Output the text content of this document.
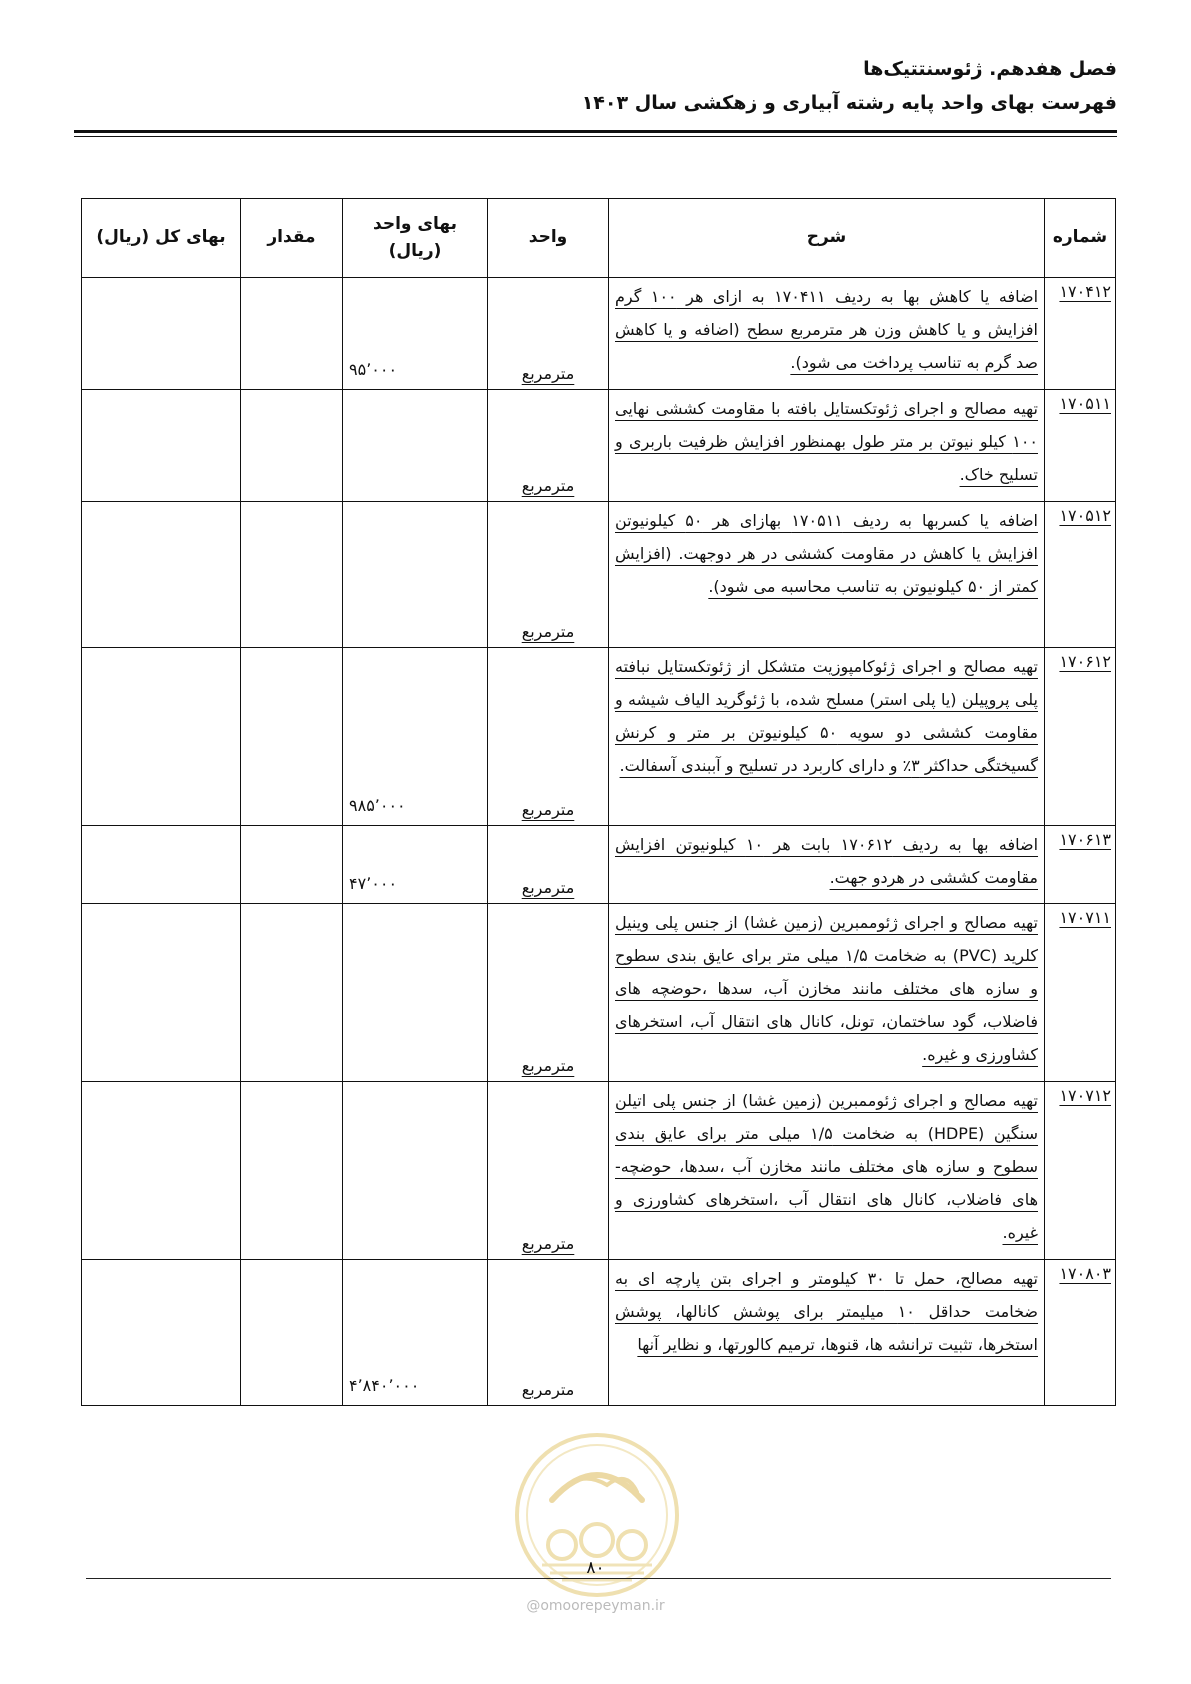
فصل هفدهم. ژئوسنتتیک‌ها
فهرست بهای واحد پایه رشته آبیاری و زهکشی سال ۱۴۰۳
شماره	شرح	واحد	بهای واحد (ریال)	مقدار	بهای کل (ریال)
۱۷۰۴۱۲	اضافه یا کاهش بها به ردیف ۱۷۰۴۱۱ به ازای هر ۱۰۰ گرم افزایش و یا کاهش وزن هر مترمربع سطح (اضافه و یا کاهش صد گرم به تناسب پرداخت می شود).	مترمربع	۹۵٬۰۰۰		
۱۷۰۵۱۱	تهیه مصالح و اجرای ژئوتکستایل بافته با مقاومت کششی نهایی ۱۰۰ کیلو نیوتن بر متر طول بهمنظور افزایش ظرفیت باربری و تسلیح خاک.	مترمربع			
۱۷۰۵۱۲	اضافه یا کسربها به ردیف ۱۷۰۵۱۱ بهازای هر ۵۰ کیلونیوتن افزایش یا کاهش در مقاومت کششی در هر دوجهت. (افزایش کمتر از ۵۰ کیلونیوتن به تناسب محاسبه می شود).	مترمربع			
۱۷۰۶۱۲	تهیه مصالح و اجرای ژئوکامپوزیت متشکل از ژئوتکستایل نبافته پلی پروپیلن (یا پلی استر) مسلح شده، با ژئوگرید الیاف شیشه و مقاومت کششی دو سویه ۵۰ کیلونیوتن بر متر و کرنش گسیختگی حداکثر ۳٪ و دارای کاربرد در تسلیح و آببندی آسفالت.	مترمربع	۹۸۵٬۰۰۰		
۱۷۰۶۱۳	اضافه بها به ردیف ۱۷۰۶۱۲ بابت هر ۱۰ کیلونیوتن افزایش مقاومت کششی در هردو جهت.	مترمربع	۴۷٬۰۰۰		
۱۷۰۷۱۱	تهیه مصالح و اجرای ژئوممبرین (زمین غشا) از جنس پلی وینیل کلرید (PVC) به ضخامت ۱/۵ میلی متر برای عایق بندی سطوح و سازه های مختلف مانند مخازن آب، سدها ،حوضچه های فاضلاب، گود ساختمان، تونل، کانال های انتقال آب، استخرهای کشاورزی و غیره.	مترمربع			
۱۷۰۷۱۲	تهیه مصالح و اجرای ژئوممبرین (زمین غشا) از جنس پلی اتیلن سنگین (HDPE) به ضخامت ۱/۵ میلی متر برای عایق بندی سطوح و سازه های مختلف مانند مخازن آب ،سدها، حوضچه- های فاضلاب، کانال های انتقال آب ،استخرهای کشاورزی و غیره.	مترمربع			
۱۷۰۸۰۳	تهیه مصالح، حمل تا ۳۰ کیلومتر و اجرای بتن پارچه ای به ضخامت حداقل ۱۰ میلیمتر برای پوشش کانالها، پوشش استخرها، تثبیت ترانشه ها، قنوها، ترمیم کالورتها، و نظایر آنها	مترمربع	۴٬۸۴۰٬۰۰۰		
۸۰
@omoorepeyman.ir
